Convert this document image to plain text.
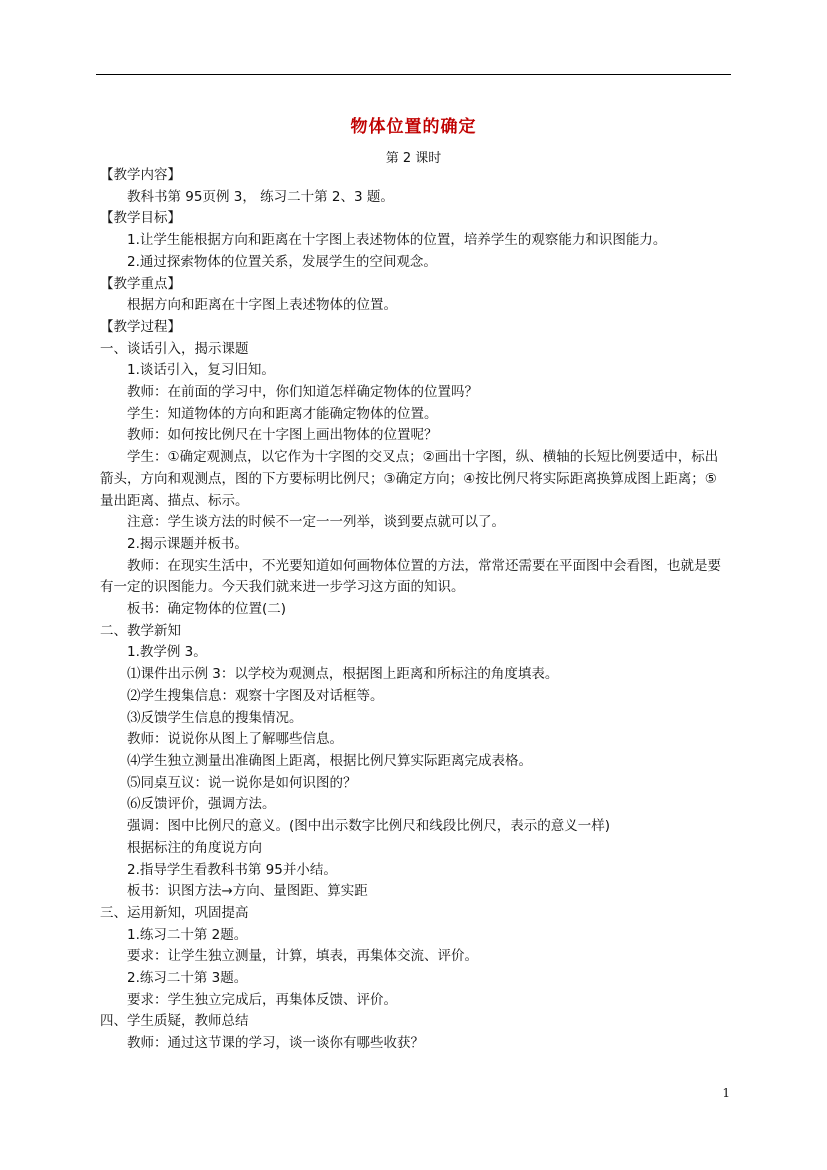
物体位置的确定
第 2 课时

【教学内容】

教科书第 95页例 3， 练习二十第 2、3 题。

【教学目标】

1.让学生能根据方向和距离在十字图上表述物体的位置，培养学生的观察能力和识图能力。

2.通过探索物体的位置关系，发展学生的空间观念。

【教学重点】

根据方向和距离在十字图上表述物体的位置。

【教学过程】

一、谈话引入，揭示课题

1.谈话引入，复习旧知。

教师：在前面的学习中，你们知道怎样确定物体的位置吗？

学生：知道物体的方向和距离才能确定物体的位置。

教师：如何按比例尺在十字图上画出物体的位置呢？

学生：①确定观测点，以它作为十字图的交叉点；②画出十字图，纵、横轴的长短比例要适中，标出箭头，方向和观测点，图的下方要标明比例尺；③确定方向；④按比例尺将实际距离换算成图上距离；⑤量出距离、描点、标示。

注意：学生谈方法的时候不一定一一列举，谈到要点就可以了。

2.揭示课题并板书。

教师：在现实生活中，不光要知道如何画物体位置的方法，常常还需要在平面图中会看图，也就是要有一定的识图能力。今天我们就来进一步学习这方面的知识。

板书：确定物体的位置(二)

二、教学新知

1.教学例 3。

⑴课件出示例 3：以学校为观测点，根据图上距离和所标注的角度填表。

⑵学生搜集信息：观察十字图及对话框等。

⑶反馈学生信息的搜集情况。

教师：说说你从图上了解哪些信息。

⑷学生独立测量出准确图上距离，根据比例尺算实际距离完成表格。

⑸同桌互议：说一说你是如何识图的？

⑹反馈评价，强调方法。

强调：图中比例尺的意义。(图中出示数字比例尺和线段比例尺，表示的意义一样)

根据标注的角度说方向

2.指导学生看教科书第 95并小结。

板书：识图方法→方向、量图距、算实距

三、运用新知，巩固提高

1.练习二十第 2题。

要求：让学生独立测量，计算，填表，再集体交流、评价。

2.练习二十第 3题。

要求：学生独立完成后，再集体反馈、评价。

四、学生质疑，教师总结

教师：通过这节课的学习，谈一谈你有哪些收获？

1
